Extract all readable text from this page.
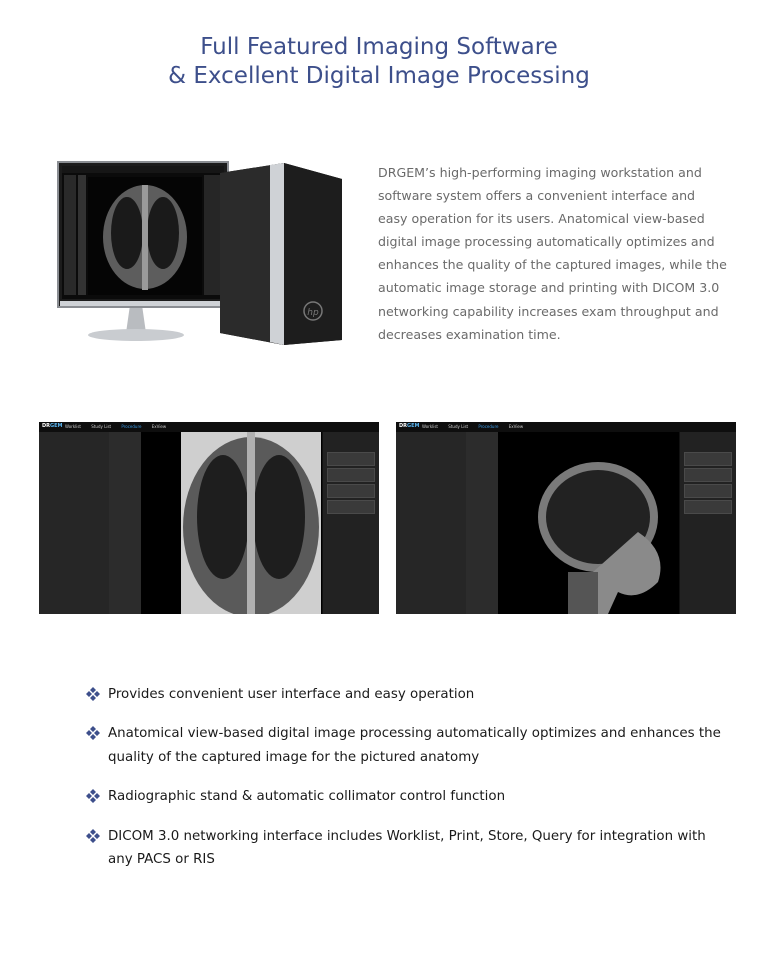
Full Featured Imaging Software
& Excellent Digital Image Processing
hp
DRGEM’s high-performing imaging workstation and software system offers a convenient interface and easy operation for its users. Anatomical view-based digital image processing automatically optimizes and enhances the quality of the captured images, while the automatic image storage and printing with DICOM 3.0 networking capability increases exam throughput and decreases examination time.
DRGEM Worklist	Study List	Procedure	ExView	DRGEM Worklist	Study List	Procedure	ExView
Provides convenient user interface and easy operation
Anatomical view-based digital image processing automatically optimizes and enhances the quality of the captured image for the pictured anatomy
Radiographic stand & automatic collimator control function
DICOM 3.0 networking interface includes Worklist, Print, Store, Query for integration with any PACS or RIS
